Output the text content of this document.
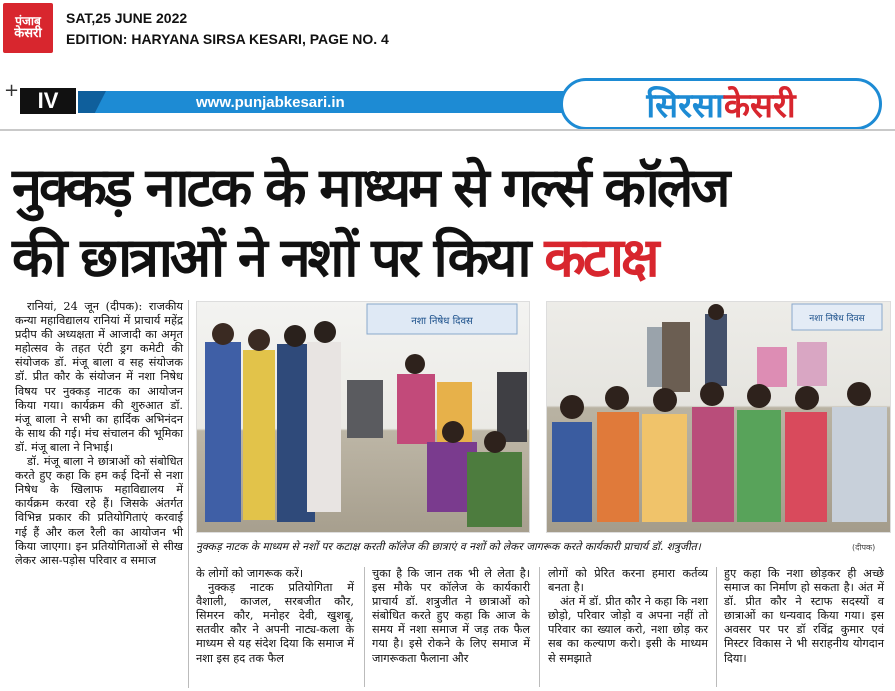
पंजाब
केसरी
SAT,25 JUNE 2022
EDITION: HARYANA SIRSA KESARI, PAGE NO. 4
+ IV	www.punjabkesari.in	सिरसा केसरी
नुक्कड़ नाटक के माध्यम से गर्ल्स कॉलेज
की छात्राओं ने नशों पर किया कटाक्ष

रानियां, 24 जून (दीपक): राजकीय कन्या महाविद्यालय रानियां में प्राचार्य महेंद्र प्रदीप की अध्यक्षता में आजादी का अमृत महोत्सव के तहत एंटी ड्रग कमेटी की संयोजक डॉ. मंजू बाला व सह संयोजक डॉ. प्रीत कौर के संयोजन में नशा निषेध विषय पर नुक्कड़ नाटक का आयोजन किया गया। कार्यक्रम की शुरुआत डॉ. मंजू बाला ने सभी का हार्दिक अभिनंदन के साथ की गई। मंच संचालन की भूमिका डॉ. मंजू बाला ने निभाई।

डॉ. मंजू बाला ने छात्राओं को संबोधित करते हुए कहा कि हम कई दिनों से नशा निषेध के खिलाफ महाविद्यालय में कार्यक्रम करवा रहे हैं। जिसके अंतर्गत विभिन्न प्रकार की प्रतियोगिताएं करवाई गई हैं और कल रैली का आयोजन भी किया जाएगा। इन प्रतियोगिताओं से सीख लेकर आस-पड़ोस परिवार व समाज

नशा निषेध दिवस	नशा निषेध दिवस
नुक्कड़ नाटक के माध्यम से नशों पर कटाक्ष करती कॉलेज की छात्राएं व नशों को लेकर जागरूक करते कार्यकारी प्राचार्य डॉ. शत्रुजीत।	(दीपक)

के लोगों को जागरूक करें।

नुक्कड़ नाटक प्रतियोगिता में वैशाली, काजल, सरबजीत कौर, सिमरन कौर, मनोहर देवी, खुशबू, सतवीर कौर ने अपनी नाट्य-कला के माध्यम से यह संदेश दिया कि समाज में नशा इस हद तक फैल

चुका है कि जान तक भी ले लेता है। इस मौके पर कॉलेज के कार्यकारी प्राचार्य डॉ. शत्रुजीत ने छात्राओं को संबोधित करते हुए कहा कि आज के समय में नशा समाज में जड़ तक फैल गया है। इसे रोकने के लिए समाज में जागरूकता फैलाना और

लोगों को प्रेरित करना हमारा कर्तव्य बनता है।

अंत में डॉ. प्रीत कौर ने कहा कि नशा छोड़ो, परिवार जोड़ो व अपना नहीं तो परिवार का ख्याल करो, नशा छोड़ कर सब का कल्याण करो। इसी के माध्यम से समझाते

हुए कहा कि नशा छोड़कर ही अच्छे समाज का निर्माण हो सकता है। अंत में डॉ. प्रीत कौर ने स्टाफ सदस्यों व छात्राओं का धन्यवाद किया गया। इस अवसर पर पर डॉ रविंद्र कुमार एवं मिस्टर विकास ने भी सराहनीय योगदान दिया।
